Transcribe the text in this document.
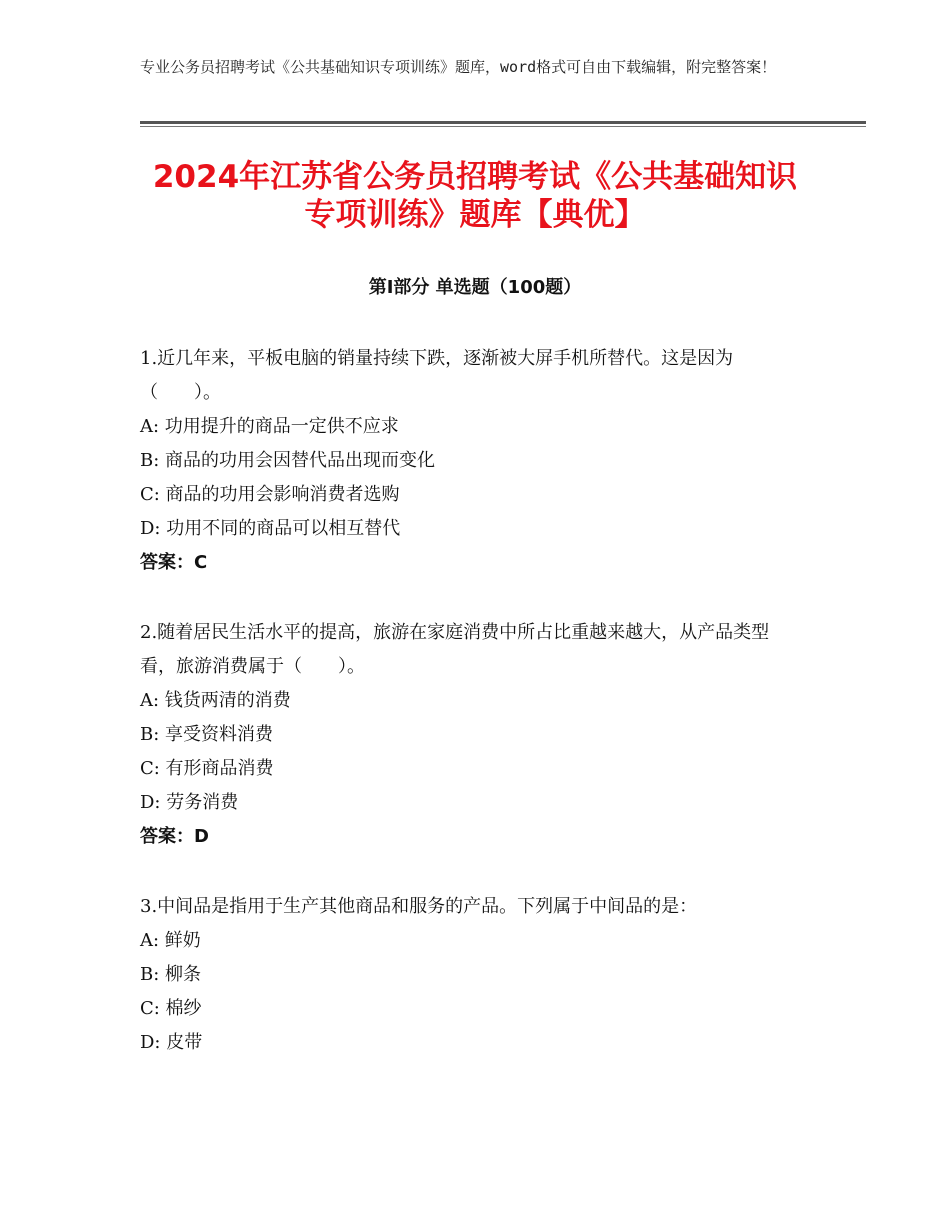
专业公务员招聘考试《公共基础知识专项训练》题库，word格式可自由下载编辑，附完整答案！
2024年江苏省公务员招聘考试《公共基础知识专项训练》题库【典优】
第Ⅰ部分 单选题（100题）

1.近几年来，平板电脑的销量持续下跌，逐渐被大屏手机所替代。这是因为（　　）。

A: 功用提升的商品一定供不应求

B: 商品的功用会因替代品出现而变化

C: 商品的功用会影响消费者选购

D: 功用不同的商品可以相互替代

答案：C

2.随着居民生活水平的提高，旅游在家庭消费中所占比重越来越大，从产品类型看，旅游消费属于（　　）。

A: 钱货两清的消费

B: 享受资料消费

C: 有形商品消费

D: 劳务消费

答案：D

3.中间品是指用于生产其他商品和服务的产品。下列属于中间品的是：

A: 鲜奶

B: 柳条

C: 棉纱

D: 皮带
